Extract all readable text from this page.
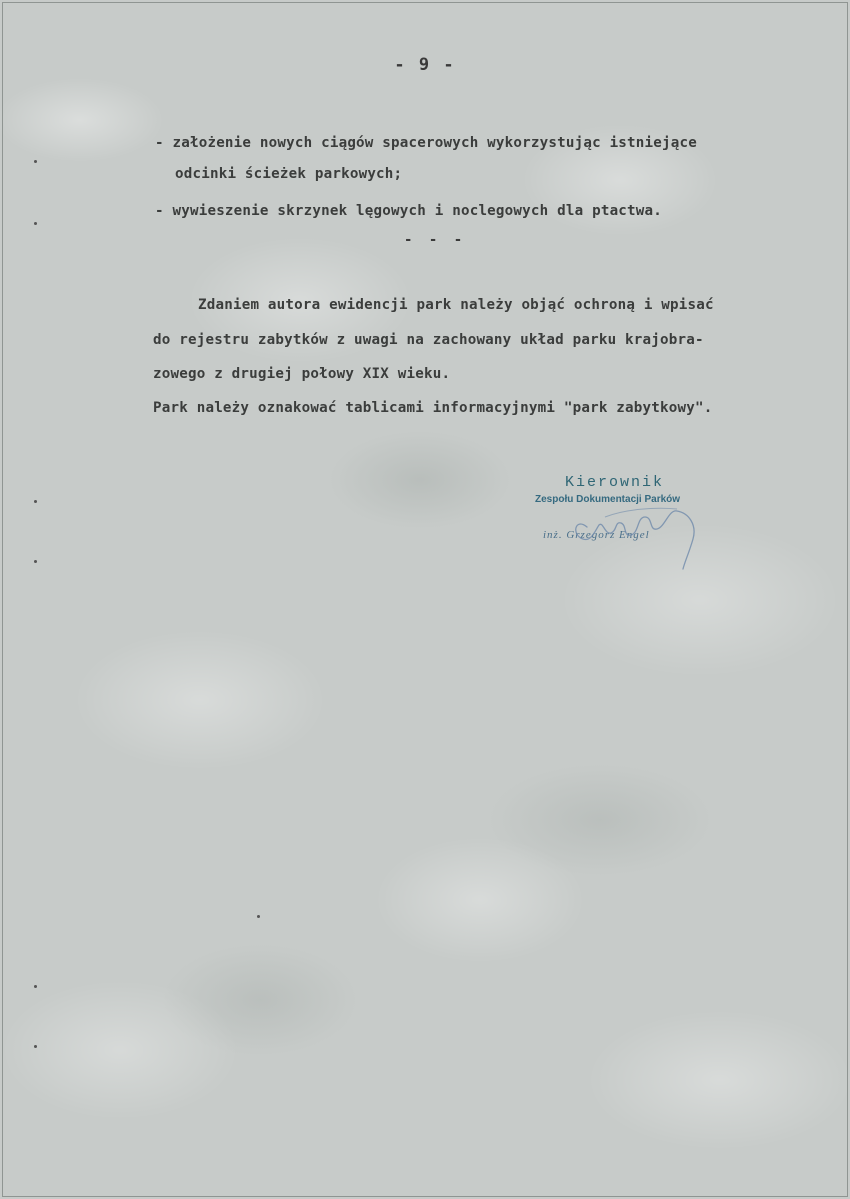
- 9 -
- założenie nowych ciągów spacerowych wykorzystując istniejące
odcinki ścieżek parkowych;
- wywieszenie skrzynek lęgowych i noclegowych dla ptactwa.
- - -
Zdaniem autora ewidencji park należy objąć ochroną i wpisać
do rejestru zabytków z uwagi na zachowany układ parku krajobra-
zowego z drugiej połowy XIX wieku.
Park należy oznakować tablicami informacyjnymi "park zabytkowy".
Kierownik
Zespołu Dokumentacji Parków
inż. Grzegorz Engel
